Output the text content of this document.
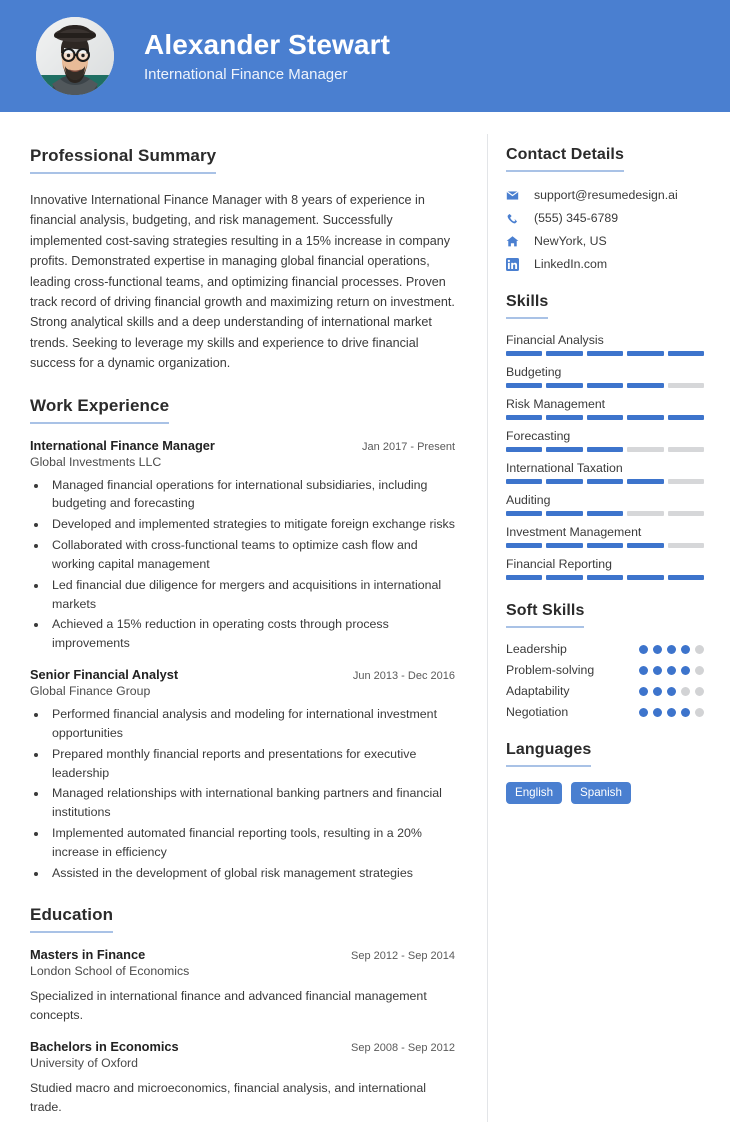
Alexander Stewart
International Finance Manager
Professional Summary
Innovative International Finance Manager with 8 years of experience in financial analysis, budgeting, and risk management. Successfully implemented cost-saving strategies resulting in a 15% increase in company profits. Demonstrated expertise in managing global financial operations, leading cross-functional teams, and optimizing financial processes. Proven track record of driving financial growth and maximizing return on investment. Strong analytical skills and a deep understanding of international market trends. Seeking to leverage my skills and experience to drive financial success for a dynamic organization.
Work Experience
International Finance Manager	Jan 2017 - Present
Global Investments LLC
• Managed financial operations for international subsidiaries, including budgeting and forecasting
• Developed and implemented strategies to mitigate foreign exchange risks
• Collaborated with cross-functional teams to optimize cash flow and working capital management
• Led financial due diligence for mergers and acquisitions in international markets
• Achieved a 15% reduction in operating costs through process improvements
Senior Financial Analyst	Jun 2013 - Dec 2016
Global Finance Group
• Performed financial analysis and modeling for international investment opportunities
• Prepared monthly financial reports and presentations for executive leadership
• Managed relationships with international banking partners and financial institutions
• Implemented automated financial reporting tools, resulting in a 20% increase in efficiency
• Assisted in the development of global risk management strategies
Education
Masters in Finance	Sep 2012 - Sep 2014
London School of Economics
Specialized in international finance and advanced financial management concepts.
Bachelors in Economics	Sep 2008 - Sep 2012
University of Oxford
Studied macro and microeconomics, financial analysis, and international trade.
Contact Details
support@resumedesign.ai
(555) 345-6789
NewYork, US
LinkedIn.com
Skills
Financial Analysis
Budgeting
Risk Management
Forecasting
International Taxation
Auditing
Investment Management
Financial Reporting
Soft Skills
Leadership
Problem-solving
Adaptability
Negotiation
Languages
English	Spanish
